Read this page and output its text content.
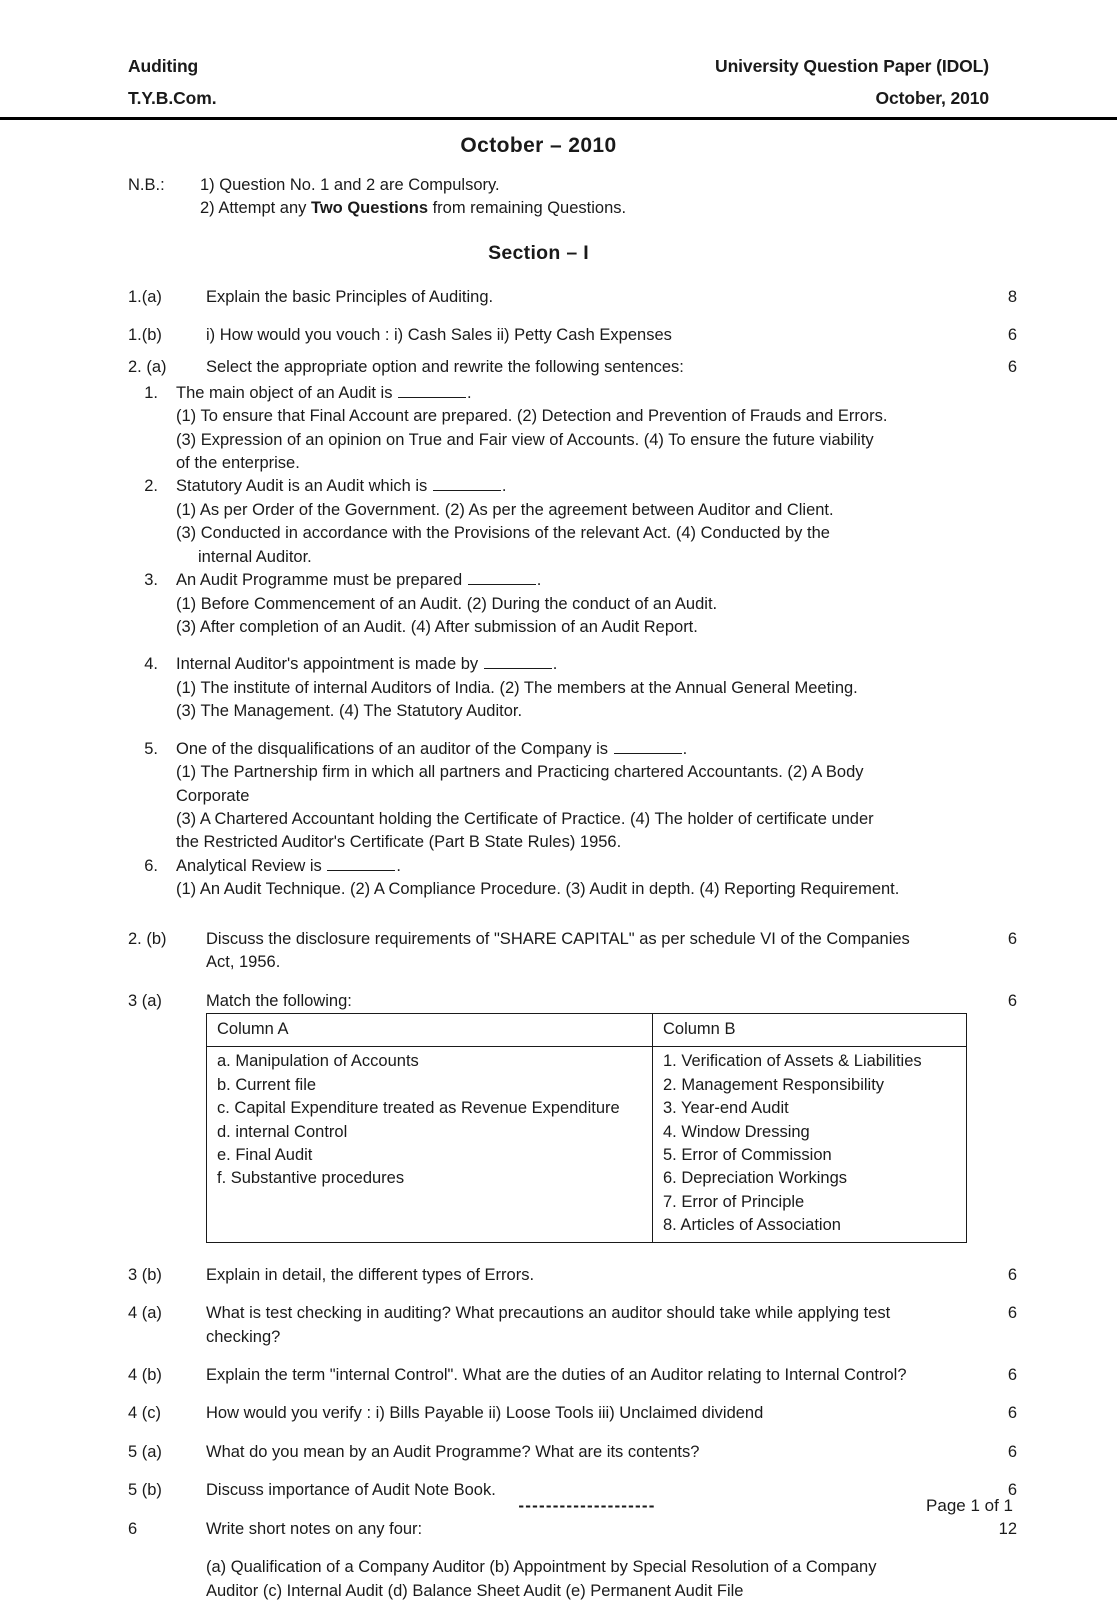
Auditing	University Question Paper (IDOL)
T.Y.B.Com.	October, 2010
October – 2010
N.B.:	1) Question No. 1 and 2 are Compulsory.
2) Attempt any Two Questions from remaining Questions.
Section – I
1.(a)	Explain the basic Principles of Auditing.	8
1.(b)	i) How would you vouch : i) Cash Sales ii) Petty Cash Expenses	6
2. (a)	Select the appropriate option and rewrite the following sentences:	6
1.	The main object of an Audit is	.
(1) To ensure that Final Account are prepared. (2) Detection and Prevention of Frauds and Errors.
(3) Expression of an opinion on True and Fair view of Accounts. (4) To ensure the future viability
of the enterprise.
2.	Statutory Audit is an Audit which is	.
(1) As per Order of the Government. (2) As per the agreement between Auditor and Client.
(3) Conducted in accordance with the Provisions of the relevant Act. (4) Conducted by the
internal Auditor.
3.	An Audit Programme must be prepared	.
(1) Before Commencement of an Audit. (2) During the conduct of an Audit.
(3) After completion of an Audit. (4) After submission of an Audit Report.
4.	Internal Auditor's appointment is made by	.
(1) The institute of internal Auditors of India. (2) The members at the Annual General Meeting.
(3) The Management. (4) The Statutory Auditor.
5.	One of the disqualifications of an auditor of the Company is	.
(1) The Partnership firm in which all partners and Practicing chartered Accountants. (2) A Body
Corporate
(3) A Chartered Accountant holding the Certificate of Practice. (4) The holder of certificate under
the Restricted Auditor's Certificate (Part B State Rules) 1956.
6.	Analytical Review is	.
(1) An Audit Technique. (2) A Compliance Procedure. (3) Audit in depth. (4) Reporting Requirement.
2. (b)	Discuss the disclosure requirements of "SHARE CAPITAL" as per schedule VI of the Companies Act, 1956.
6
3 (a)	Match the following:	6
Column A	Column B

a. Manipulation of Accounts
b. Current file
c. Capital Expenditure treated as Revenue Expenditure
d. internal Control
e. Final Audit
f. Substantive procedures

1. Verification of Assets & Liabilities
2. Management Responsibility
3. Year-end Audit
4. Window Dressing
5. Error of Commission
6. Depreciation Workings
7. Error of Principle
8. Articles of Association
3 (b)	Explain in detail, the different types of Errors.	6
4 (a)	What is test checking in auditing? What precautions an auditor should take while applying test checking?
6
4 (b)	Explain the term "internal Control". What are the duties of an Auditor relating to Internal Control?	6
4 (c)	How would you verify : i) Bills Payable ii) Loose Tools iii) Unclaimed dividend	6
5 (a)	What do you mean by an Audit Programme? What are its contents?	6
5 (b)	Discuss importance of Audit Note Book.	6
6	Write short notes on any four:	12
(a) Qualification of a Company Auditor (b) Appointment by Special Resolution of a Company
Auditor (c) Internal Audit (d) Balance Sheet Audit (e) Permanent Audit File
--------------------	Page 1 of 1
